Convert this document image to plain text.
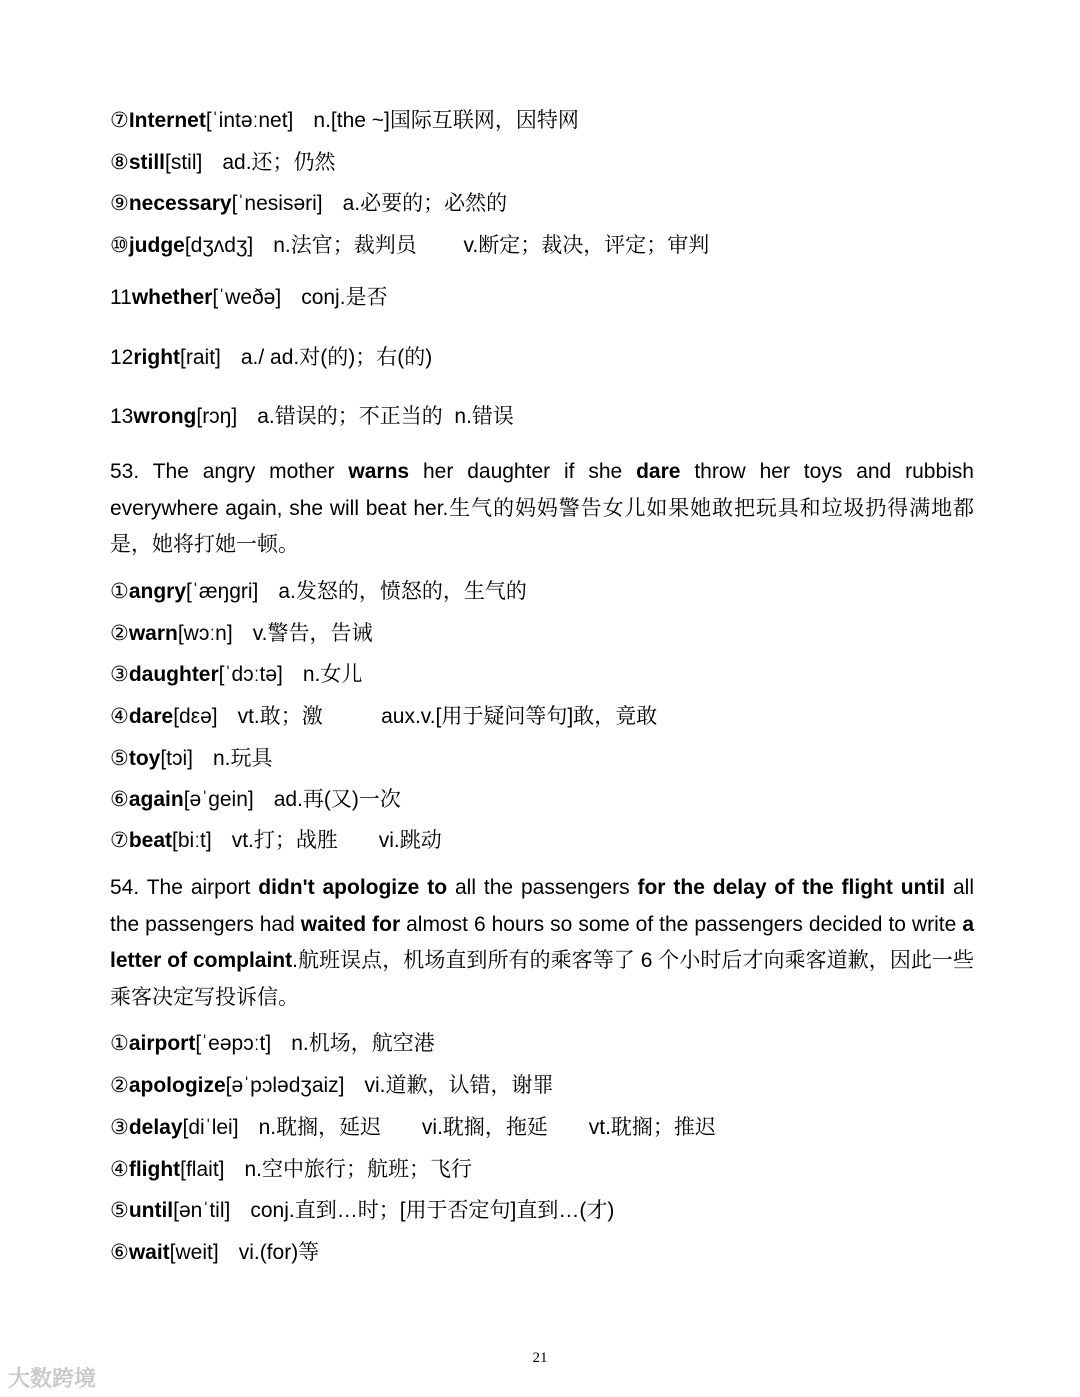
⑦Internet[ˈintəːnet] n.[the ~]国际互联网，因特网
⑧still[stil] ad.还；仍然
⑨necessary[ˈnesisəri] a.必要的；必然的
⑩judge[dʒʌdʒ] n.法官；裁判员        v.断定；裁决，评定；审判
11whether[ˈweðə] conj.是否
12right[rait] a./ ad.对(的)；右(的)
13wrong[rɔŋ] a.错误的；不正当的  n.错误
53. The angry mother warns her daughter if she dare throw her toys and rubbish everywhere again, she will beat her.生气的妈妈警告女儿如果她敢把玩具和垃圾扔得满地都是，她将打她一顿。
①angry[ˈæŋgri] a.发怒的，愤怒的，生气的
②warn[wɔːn] v.警告，告诫
③daughter[ˈdɔːtə] n.女儿
④dare[dεə] vt.敢；激          aux.v.[用于疑问等句]敢，竟敢
⑤toy[tɔi] n.玩具
⑥again[əˈgein] ad.再(又)一次
⑦beat[biːt] vt.打；战胜       vi.跳动
54. The airport didn't apologize to all the passengers for the delay of the flight until all the passengers had waited for almost 6 hours so some of the passengers decided to write a letter of complaint.航班误点，机场直到所有的乘客等了 6 个小时后才向乘客道歉，因此一些乘客决定写投诉信。
①airport[ˈeəpɔːt] n.机场，航空港
②apologize[əˈpɔlədʒaiz] vi.道歉，认错，谢罪
③delay[diˈlei] n.耽搁，延迟       vi.耽搁，拖延       vt.耽搁；推迟
④flight[flait] n.空中旅行；航班；飞行
⑤until[ənˈtil] conj.直到…时；[用于否定句]直到…(才)
⑥wait[weit] vi.(for)等
21
大数跨境
